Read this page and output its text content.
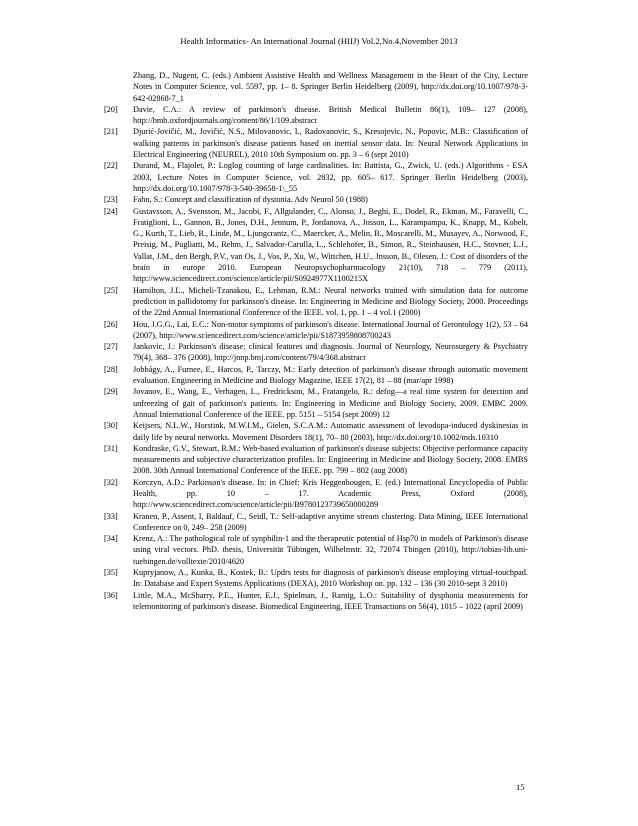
Health Informatics- An International Journal (HIIJ) Vol.2,No.4,November 2013
Zhang, D., Nugent, C. (eds.) Ambient Assistive Health and Wellness Management in the Heart of the City, Lecture Notes in Computer Science, vol. 5597, pp. 1– 8. Springer Berlin Heidelberg (2009), http://dx.doi.org/10.1007/978-3-642-02868-7_1
[20] Davie, C.A.: A review of parkinson's disease. British Medical Bulletin 86(1), 109– 127 (2008), http://bmb.oxfordjournals.org/content/86/1/109.abstract
[21] Djurić-Jovičić, M., Jovičić, N.S., Milovanovic, I., Radovanovic, S., Kresojevic, N., Popovic, M.B.: Classification of walking patterns in parkinson's disease patients based on inertial sensor data. In: Neural Network Applications in Electrical Engineering (NEUREL), 2010 10th Symposium on. pp. 3 – 6 (sept 2010)
[22] Durand, M., Flajolet, P.: Loglog counting of large cardinalities. In: Battista, G., Zwick, U. (eds.) Algorithms - ESA 2003, Lecture Notes in Computer Science, vol. 2832, pp. 605– 617. Springer Berlin Heidelberg (2003), http://dx.doi.org/10.1007/978-3-540-39658-1\_55
[23] Fahn, S.: Concept and classification of dystonia. Adv Neurol 50 (1988)
[24] Gustavsson, A., Svensson, M., Jacobi, F., Allgulander, C., Alonso, J., Beghi, E., Dodel, R., Ekman, M., Faravelli, C., Fratiglioni, L., Gannon, B., Jones, D.H., Jennum, P., Jordanova, A., Jnsson, L., Karampampa, K., Knapp, M., Kobelt, G., Kurth, T., Lieb, R., Linde, M., Ljungcrantz, C., Maercker, A., Melin, B., Moscarelli, M., Musayev, A., Norwood, F., Preisig, M., Pugliatti, M., Rehm, J., Salvador-Carulla, L., Schlehofer, B., Simon, R., Steinhausen, H.C., Stovner, L.J., Vallat, J.M., den Bergh, P.V., van Os, J., Vos, P., Xu, W., Wittchen, H.U., Jnsson, B., Olesen, J.: Cost of disorders of the brain in europe 2010. European Neuropsychopharmacology 21(10), 718 – 779 (2011), http://www.sciencedirect.com/science/article/pii/S0924977X1100215X
[25] Hamilton, J.L., Micheli-Tzanakou, E., Lehman, R.M.: Neural networks trained with simulation data for outcome prediction in pallidotomy for parkinson's disease. In: Engineering in Medicine and Biology Society, 2000. Proceedings of the 22nd Annual International Conference of the IEEE. vol. 1, pp. 1 – 4 vol.1 (2000)
[26] Hou, J.G.G., Lai, E.C.: Non-motor symptoms of parkinson's disease. International Journal of Gerontology 1(2), 53 – 64 (2007), http://www.sciencedirect.com/science/article/pii/S1873959808700243
[27] Jankovic, J.: Parkinson's disease: clinical features and diagnosis. Journal of Neurology, Neurosurgery & Psychiatry 79(4), 368– 376 (2008), http://jnnp.bmj.com/content/79/4/368.abstract
[28] Jobbágy, A., Furnee, E., Harcos, P., Tarczy, M.: Early detection of parkinson's disease through automatic movement evaluation. Engineering in Medicine and Biology Magazine, IEEE 17(2), 81 – 88 (mar/apr 1998)
[29] Jovanov, E., Wang, E., Verhagen, L., Fredrickson, M., Fratangelo, R.: defog—a real time system for detection and unfreezing of gait of parkinson's patients. In: Engineering in Medicine and Biology Society, 2009. EMBC 2009. Annual International Conference of the IEEE. pp. 5151 – 5154 (sept 2009) 12
[30] Keijsers, N.L.W., Horstink, M.W.I.M., Gielen, S.C.A.M.: Automatic assessment of levodopa-induced dyskinesias in daily life by neural networks. Movement Disorders 18(1), 70– 80 (2003), http://dx.doi.org/10.1002/mds.10310
[31] Kondraske, G.V., Stewart, R.M.: Web-based evaluation of parkinson's disease subjects: Objective performance capacity measurements and subjective characterization profiles. In: Engineering in Medicine and Biology Society, 2008. EMBS 2008. 30th Annual International Conference of the IEEE. pp. 799 – 802 (aug 2008)
[32] Korczyn, A.D.: Parkinson's disease. In: in Chief: Kris Heggenhougen, E. (ed.) International Encyclopedia of Public Health, pp. 10 – 17. Academic Press, Oxford (2008), http://www.sciencedirect.com/science/article/pii/B9780123739650000289
[33] Kranen, P., Assent, I, Baldauf, C., Seidl, T.: Self-adaptive anytime stream clustering. Data Mining, IEEE International Conference on 0, 249– 258 (2009)
[34] Krenz, A.: The pathological role of synphilin-1 and the therapeutic potential of Hsp70 in models of Parkinson's disease using viral vectors. PhD. thesis, Universität Tübingen, Wilhelmstr. 32, 72074 Tbingen (2010), http://tobias-lib.uni-tuebingen.de/volltexte/2010/4620
[35] Kupryjanow, A., Kunka, B., Kostek, B.: Updrs tests for diagnosis of parkinson's disease employing virtual-touchpad. In: Database and Expert Systems Applications (DEXA), 2010 Workshop on. pp. 132 – 136 (30 2010-sept 3 2010)
[36] Little, M.A., McSharry, P.E., Hunter, E.J., Spielman, J., Ramig, L.O.: Suitability of dysphonia measurements for telemonitoring of parkinson's disease. Biomedical Engineering, IEEE Transactions on 56(4), 1015 – 1022 (april 2009)
15
